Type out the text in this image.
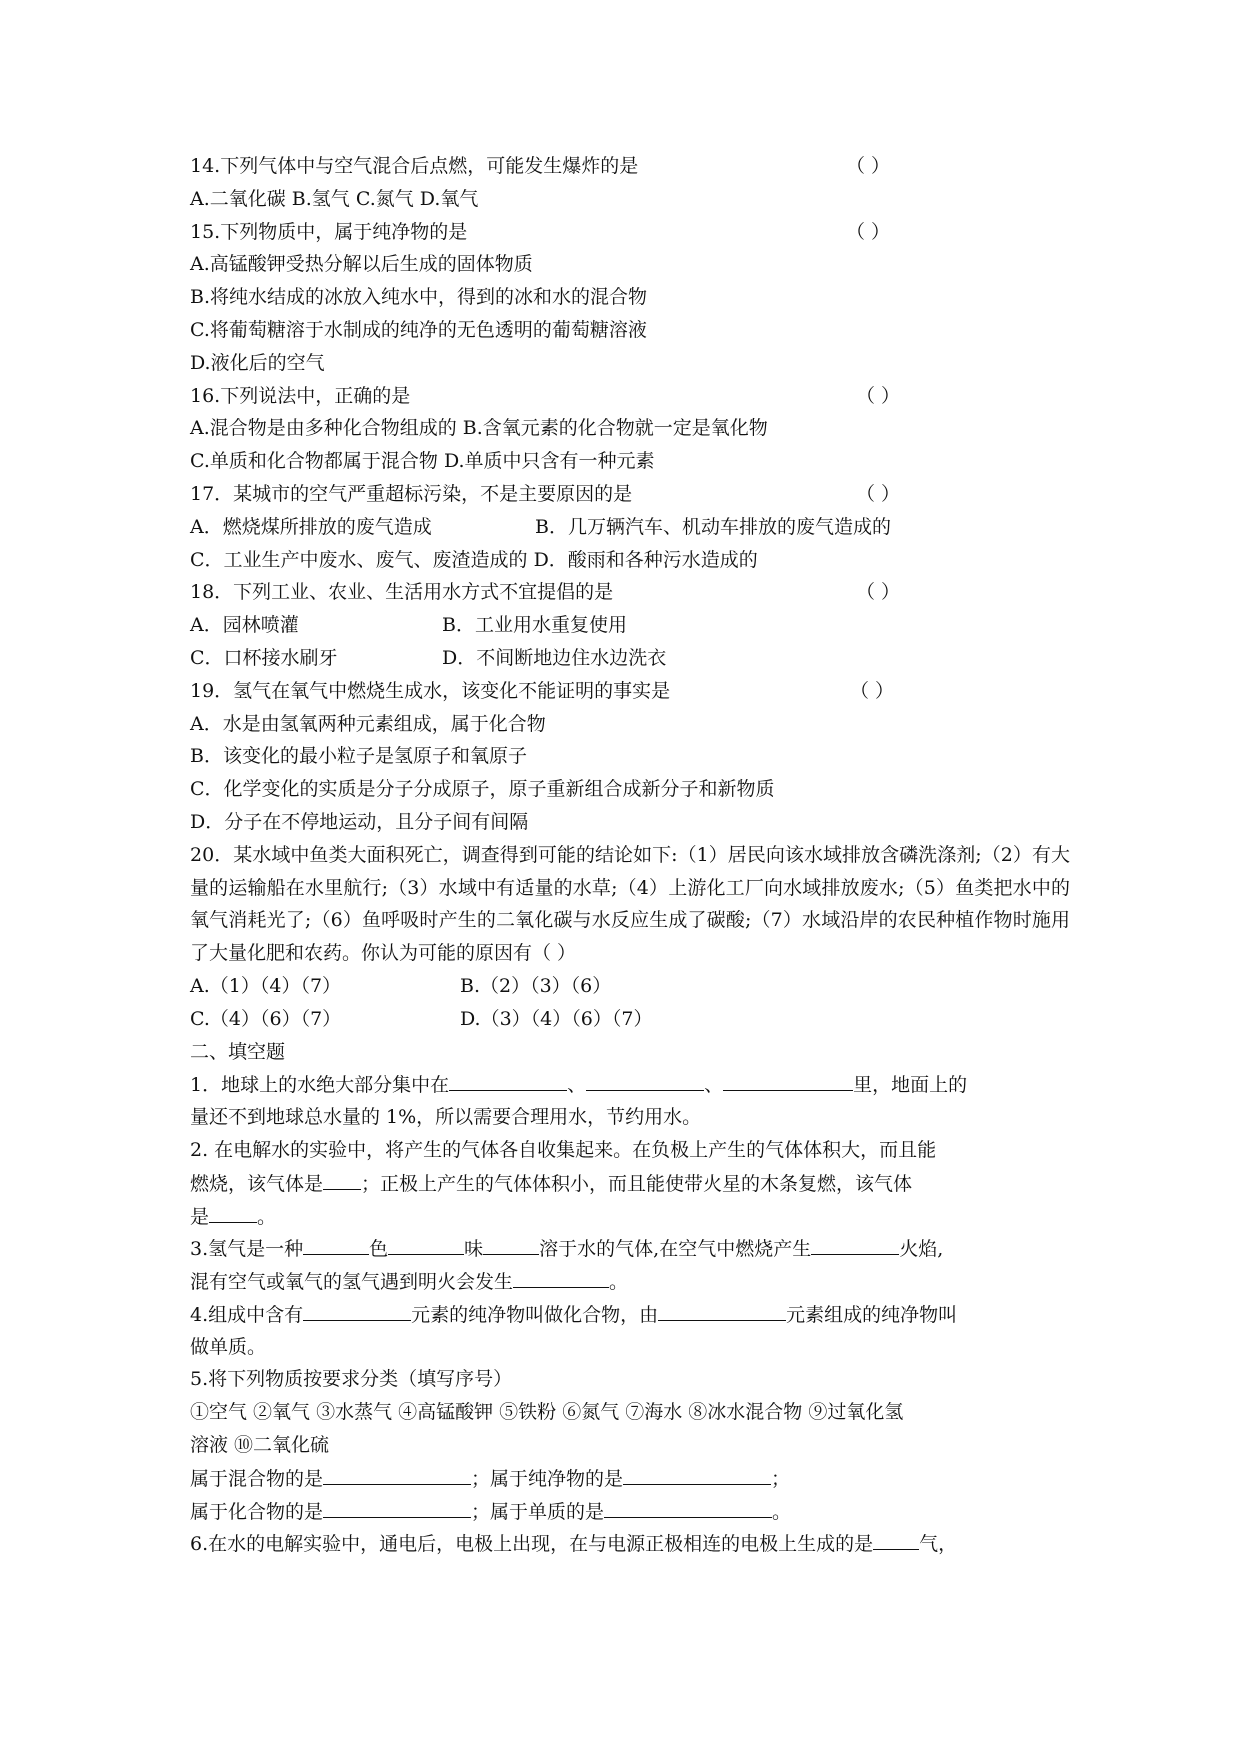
14.下列气体中与空气混合后点燃，可能发生爆炸的是	（ ）
A.二氧化碳 B.氢气 C.氮气 D.氧气
15.下列物质中，属于纯净物的是	（ ）
A.高锰酸钾受热分解以后生成的固体物质
B.将纯水结成的冰放入纯水中，得到的冰和水的混合物
C.将葡萄糖溶于水制成的纯净的无色透明的葡萄糖溶液
D.液化后的空气
16.下列说法中，正确的是	（ ）
A.混合物是由多种化合物组成的 B.含氧元素的化合物就一定是氧化物
C.单质和化合物都属于混合物 D.单质中只含有一种元素
17．某城市的空气严重超标污染，不是主要原因的是	（ ）
A．燃烧煤所排放的废气造成	B．几万辆汽车、机动车排放的废气造成的
C．工业生产中废水、废气、废渣造成的 D．酸雨和各种污水造成的
18．下列工业、农业、生活用水方式不宜提倡的是	（ ）
A．园林喷灌	B．工业用水重复使用
C．口杯接水刷牙	D．不间断地边住水边洗衣
19．氢气在氧气中燃烧生成水，该变化不能证明的事实是	（ ）
A．水是由氢氧两种元素组成，属于化合物
B．该变化的最小粒子是氢原子和氧原子
C．化学变化的实质是分子分成原子，原子重新组合成新分子和新物质
D．分子在不停地运动，且分子间有间隔
20．某水域中鱼类大面积死亡，调查得到可能的结论如下:（1）居民向该水域排放含磷洗涤剂;（2）有大量的运输船在水里航行;（3）水域中有适量的水草;（4）上游化工厂向水域排放废水;（5）鱼类把水中的氧气消耗光了;（6）鱼呼吸时产生的二氧化碳与水反应生成了碳酸;（7）水域沿岸的农民种植作物时施用了大量化肥和农药。你认为可能的原因有（ ）
A.（1）（4）（7）	B.（2）（3）（6）
C.（4）（6）（7）	D.（3）（4）（6）（7）
二、填空题
1．地球上的水绝大部分集中在	、	、	里，地面上的
量还不到地球总水量的 1%，所以需要合理用水，节约用水。
2. 在电解水的实验中，将产生的气体各自收集起来。在负极上产生的气体体积大，而且能
燃烧，该气体是 ；正极上产生的气体体积小，而且能使带火星的木条复燃，该气体
是	。
3.氢气是一种	色	味	溶于水的气体,在空气中燃烧产生	火焰,
混有空气或氧气的氢气遇到明火会发生	。
4.组成中含有	元素的纯净物叫做化合物，由	元素组成的纯净物叫
做单质。
5.将下列物质按要求分类（填写序号）
①空气 ②氧气 ③水蒸气 ④高锰酸钾 ⑤铁粉 ⑥氮气 ⑦海水 ⑧冰水混合物 ⑨过氧化氢
溶液 ⑩二氧化硫
属于混合物的是	；属于纯净物的是	；
属于化合物的是	；属于单质的是	。
6.在水的电解实验中，通电后，电极上出现，在与电源正极相连的电极上生成的是 气，
